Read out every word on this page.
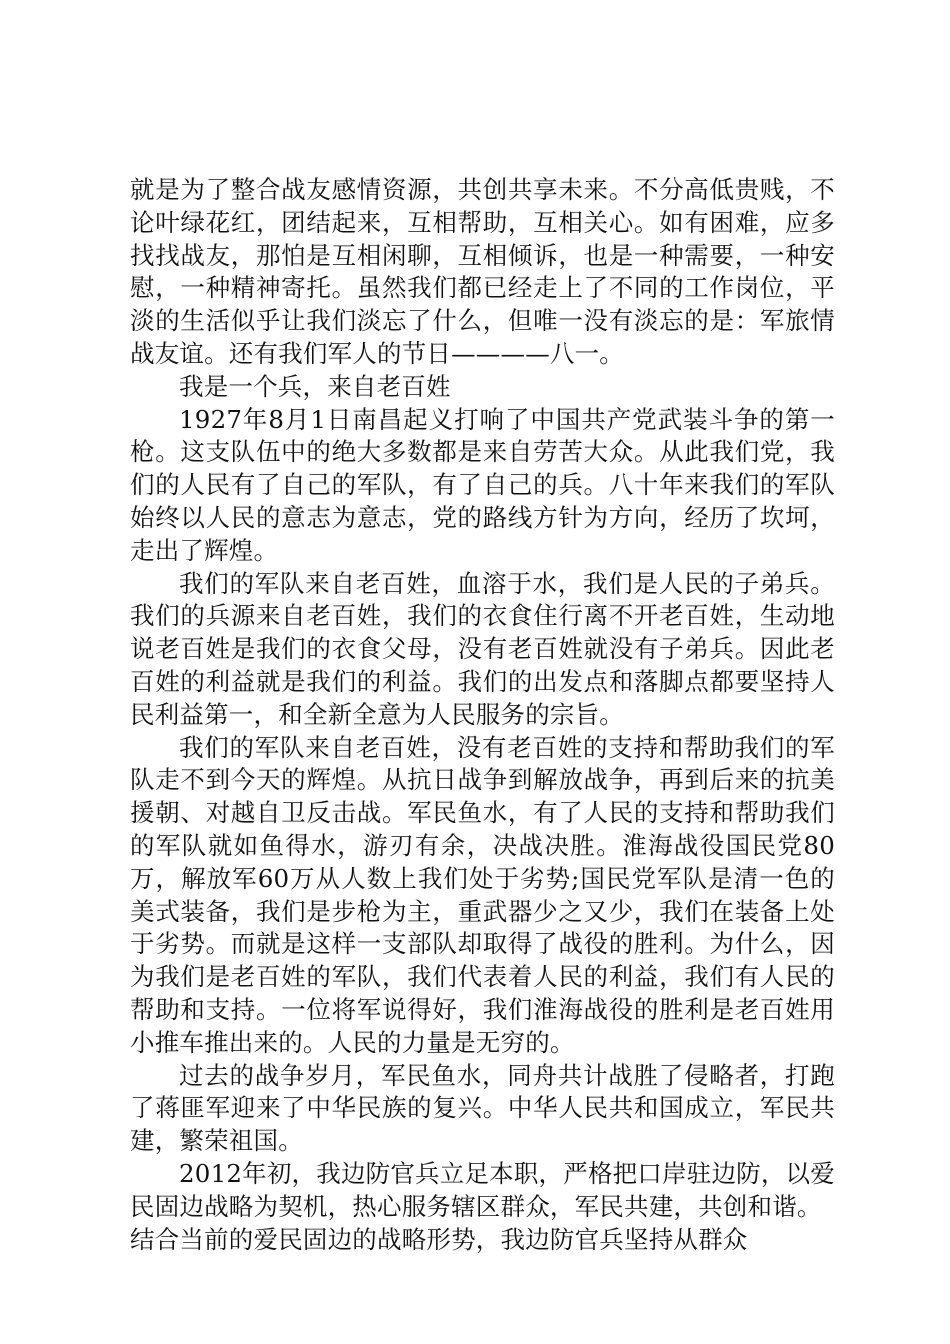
就是为了整合战友感情资源，共创共享未来。不分高低贵贱，不论叶绿花红，团结起来，互相帮助，互相关心。如有困难，应多找找战友，那怕是互相闲聊，互相倾诉，也是一种需要，一种安慰，一种精神寄托。虽然我们都已经走上了不同的工作岗位，平淡的生活似乎让我们淡忘了什么，但唯一没有淡忘的是：军旅情战友谊。还有我们军人的节日————八一。

我是一个兵，来自老百姓

1927年8月1日南昌起义打响了中国共产党武装斗争的第一枪。这支队伍中的绝大多数都是来自劳苦大众。从此我们党，我们的人民有了自己的军队，有了自己的兵。八十年来我们的军队始终以人民的意志为意志，党的路线方针为方向，经历了坎坷，走出了辉煌。

我们的军队来自老百姓，血溶于水，我们是人民的子弟兵。我们的兵源来自老百姓，我们的衣食住行离不开老百姓，生动地说老百姓是我们的衣食父母，没有老百姓就没有子弟兵。因此老百姓的利益就是我们的利益。我们的出发点和落脚点都要坚持人民利益第一，和全新全意为人民服务的宗旨。

我们的军队来自老百姓，没有老百姓的支持和帮助我们的军队走不到今天的辉煌。从抗日战争到解放战争，再到后来的抗美援朝、对越自卫反击战。军民鱼水，有了人民的支持和帮助我们的军队就如鱼得水，游刃有余，决战决胜。淮海战役国民党80万，解放军60万从人数上我们处于劣势;国民党军队是清一色的美式装备，我们是步枪为主，重武器少之又少，我们在装备上处于劣势。而就是这样一支部队却取得了战役的胜利。为什么，因为我们是老百姓的军队，我们代表着人民的利益，我们有人民的帮助和支持。一位将军说得好，我们淮海战役的胜利是老百姓用小推车推出来的。人民的力量是无穷的。

过去的战争岁月，军民鱼水，同舟共计战胜了侵略者，打跑了蒋匪军迎来了中华民族的复兴。中华人民共和国成立，军民共建，繁荣祖国。

2012年初，我边防官兵立足本职，严格把口岸驻边防，以爱民固边战略为契机，热心服务辖区群众，军民共建，共创和谐。结合当前的爱民固边的战略形势，我边防官兵坚持从群众
